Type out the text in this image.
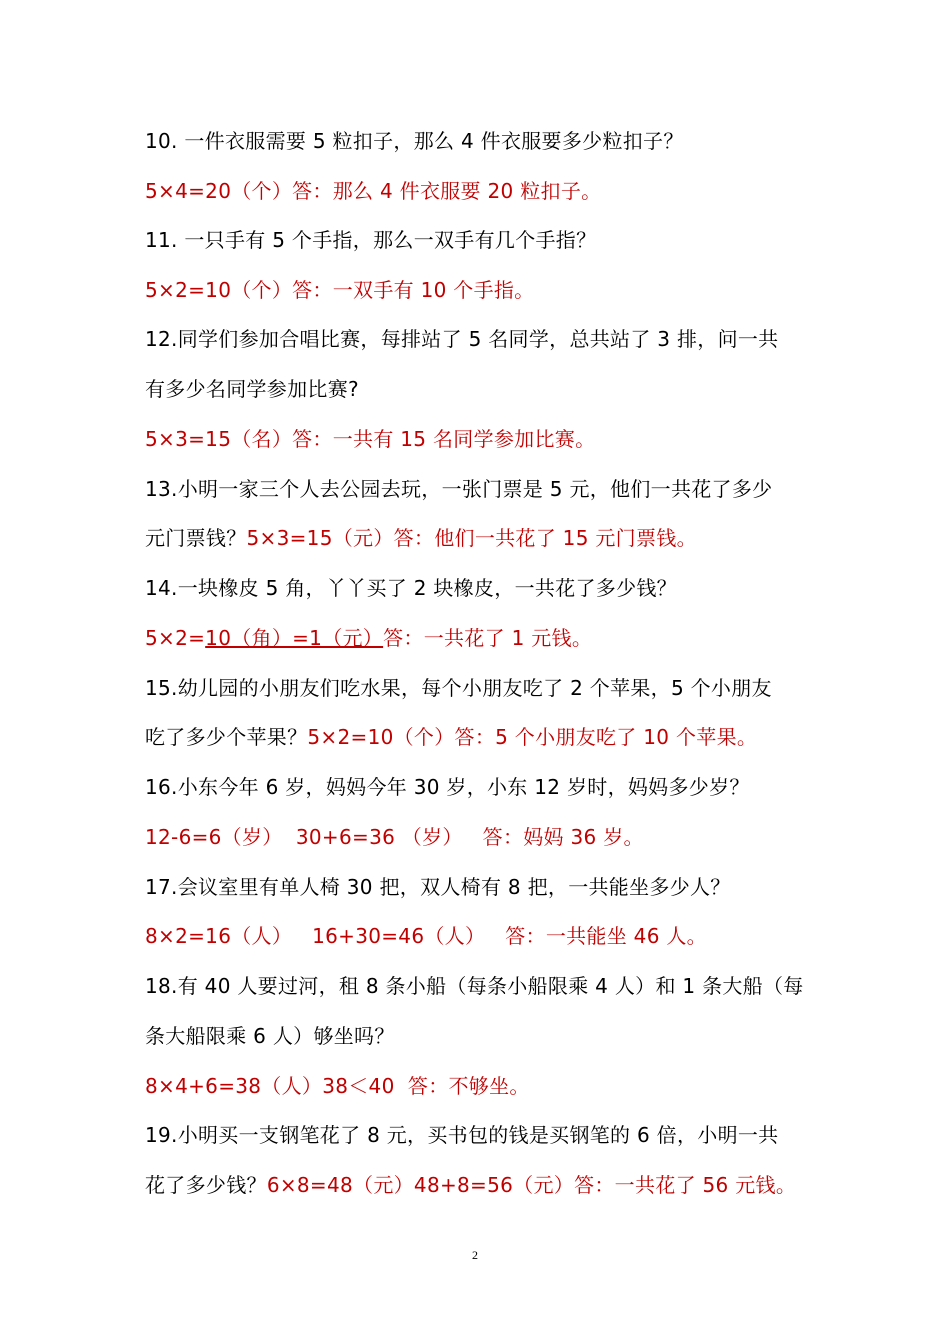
10. 一件衣服需要 5 粒扣子，那么 4 件衣服要多少粒扣子？
5×4=20（个）答：那么 4 件衣服要 20 粒扣子。
11. 一只手有 5 个手指，那么一双手有几个手指？
5×2=10（个）答：一双手有 10 个手指。
12.同学们参加合唱比赛，每排站了 5 名同学，总共站了 3 排，问一共
有多少名同学参加比赛?
5×3=15（名）答：一共有 15 名同学参加比赛。
13.小明一家三个人去公园去玩，一张门票是 5 元，他们一共花了多少
元门票钱？5×3=15（元）答：他们一共花了 15 元门票钱。
14.一块橡皮 5 角，丫丫买了 2 块橡皮，一共花了多少钱？
5×2=10（角）=1（元）答：一共花了 1 元钱。
15.幼儿园的小朋友们吃水果，每个小朋友吃了 2 个苹果，5 个小朋友
吃了多少个苹果？5×2=10（个）答：5 个小朋友吃了 10 个苹果。
16.小东今年 6 岁，妈妈今年 30 岁，小东 12 岁时，妈妈多少岁？
12-6=6（岁）  30+6=36 （岁）   答：妈妈 36 岁。
17.会议室里有单人椅 30 把，双人椅有 8 把，一共能坐多少人？
8×2=16（人）   16+30=46（人）   答：一共能坐 46 人。
18.有 40 人要过河，租 8 条小船（每条小船限乘 4 人）和 1 条大船（每
条大船限乘 6 人）够坐吗？
8×4+6=38（人）38＜40  答：不够坐。
19.小明买一支钢笔花了 8 元，买书包的钱是买钢笔的 6 倍，小明一共
花了多少钱？6×8=48（元）48+8=56（元）答：一共花了 56 元钱。
2
